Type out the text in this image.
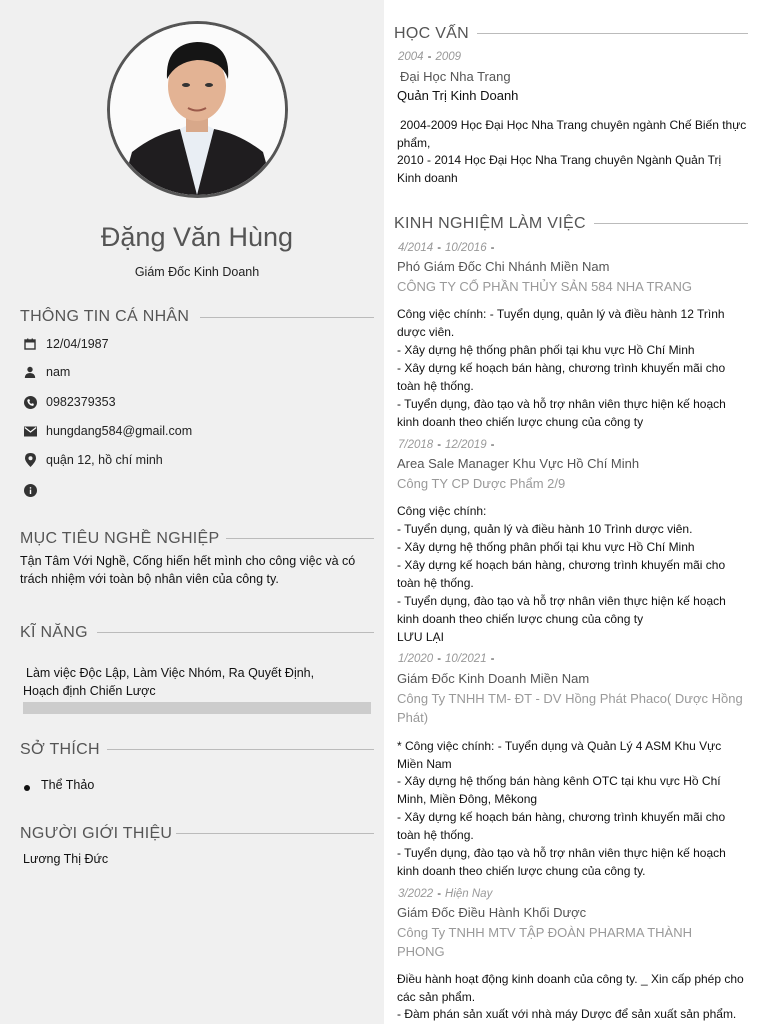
Đặng Văn Hùng
Giám Đốc Kinh Doanh
THÔNG TIN CÁ NHÂN
12/04/1987
nam
0982379353
hungdang584@gmail.com
quận 12, hồ chí minh
MỤC TIÊU NGHỀ NGHIỆP
Tận Tâm Với Nghề, Cống hiến hết mình cho công việc và có trách nhiệm với toàn bộ nhân viên của công ty.
KĨ NĂNG
Làm việc Độc Lập, Làm Việc Nhóm, Ra Quyết Định, Hoạch định Chiến Lược
SỞ THÍCH
Thể Thảo
NGƯỜI GIỚI THIỆU
Lương Thị Đức
HỌC VẤN
2004 - 2009
Đại Học Nha Trang
Quản Trị Kinh Doanh
2004-2009 Học Đại Học Nha Trang chuyên ngành Chế Biến thực phẩm,
2010 - 2014 Học Đại Học Nha Trang chuyên Ngành Quản Trị Kinh doanh
KINH NGHIỆM LÀM VIỆC
4/2014 - 10/2016 -
Phó Giám Đốc Chi Nhánh Miền Nam
CÔNG TY CỔ PHẦN THỦY SẢN 584 NHA TRANG
Công việc chính: - Tuyển dụng, quản lý và điều hành 12 Trình dược viên.
- Xây dựng hệ thống phân phối tại khu vực Hồ Chí Minh
- Xây dựng kế hoạch bán hàng, chương trình khuyến mãi cho toàn hệ thống.
- Tuyển dụng, đào tạo và hỗ trợ nhân viên thực hiện kế hoạch kinh doanh theo chiến lược chung của công ty
7/2018 - 12/2019 -
Area Sale Manager Khu Vực Hồ Chí Minh
Công TY CP Dược Phẩm 2/9
Công việc chính:
- Tuyển dụng, quản lý và điều hành 10 Trình dược viên.
- Xây dựng hệ thống phân phối tại khu vực Hồ Chí Minh
- Xây dựng kế hoạch bán hàng, chương trình khuyến mãi cho toàn hệ thống.
- Tuyển dụng, đào tạo và hỗ trợ nhân viên thực hiện kế hoạch kinh doanh theo chiến lược chung của công ty
LƯU LẠI
1/2020 - 10/2021 -
Giám Đốc Kinh Doanh Miền Nam
Công Ty TNHH TM- ĐT - DV Hồng Phát Phaco( Dược Hồng Phát)
* Công việc chính: - Tuyển dụng và Quản Lý 4 ASM Khu Vực Miền Nam
- Xây dựng hệ thống bán hàng kênh OTC tại khu vực Hồ Chí Minh, Miền Đông, Mêkong
- Xây dựng kế hoạch bán hàng, chương trình khuyến mãi cho toàn hệ thống.
- Tuyển dụng, đào tạo và hỗ trợ nhân viên thực hiện kế hoạch kinh doanh theo chiến lược chung của công ty.
3/2022 - Hiện Nay
Giám Đốc Điều Hành Khối Dược
Công Ty TNHH MTV TẬP ĐOÀN PHARMA THÀNH PHONG
Điều hành hoạt động kinh doanh của công ty. _ Xin cấp phép cho các sản phẩm.
- Đàm phán sản xuất với nhà máy Dược để sản xuất sản phẩm.
